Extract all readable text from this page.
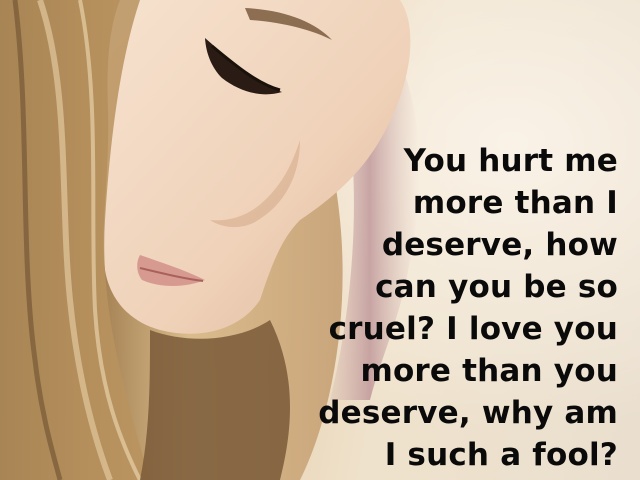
You hurt me
more than I
deserve, how
can you be so
cruel? I love you
more than you
deserve, why am
I such a fool?
